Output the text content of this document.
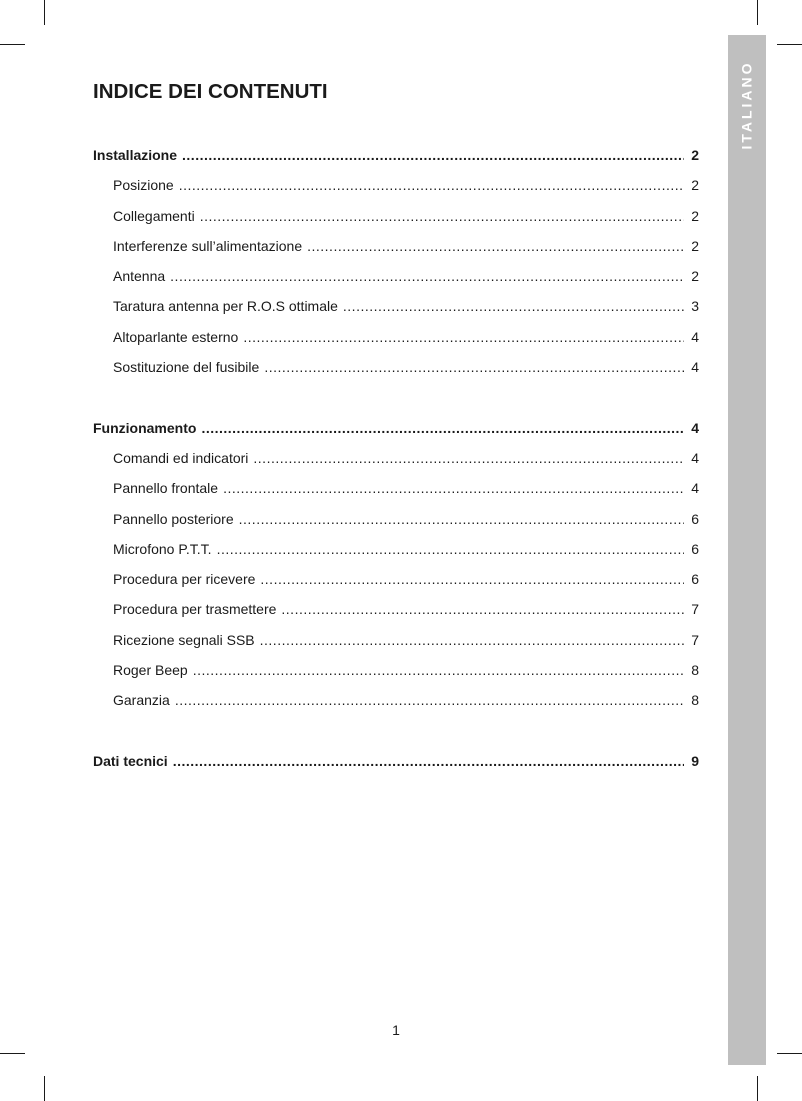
ITALIANO
INDICE DEI CONTENUTI
Installazione .....	2
Posizione .....	2
Collegamenti .....	2
Interferenze sull’alimentazione .....	2
Antenna .....	2
Taratura antenna per R.O.S ottimale .....	3
Altoparlante esterno .....	4
Sostituzione del fusibile .....	4
Funzionamento .....	4
Comandi ed indicatori .....	4
Pannello frontale .....	4
Pannello posteriore .....	6
Microfono P.T.T. .....	6
Procedura per ricevere .....	6
Procedura per trasmettere .....	7
Ricezione segnali SSB .....	7
Roger Beep .....	8
Garanzia .....	8
Dati tecnici .....	9
1
